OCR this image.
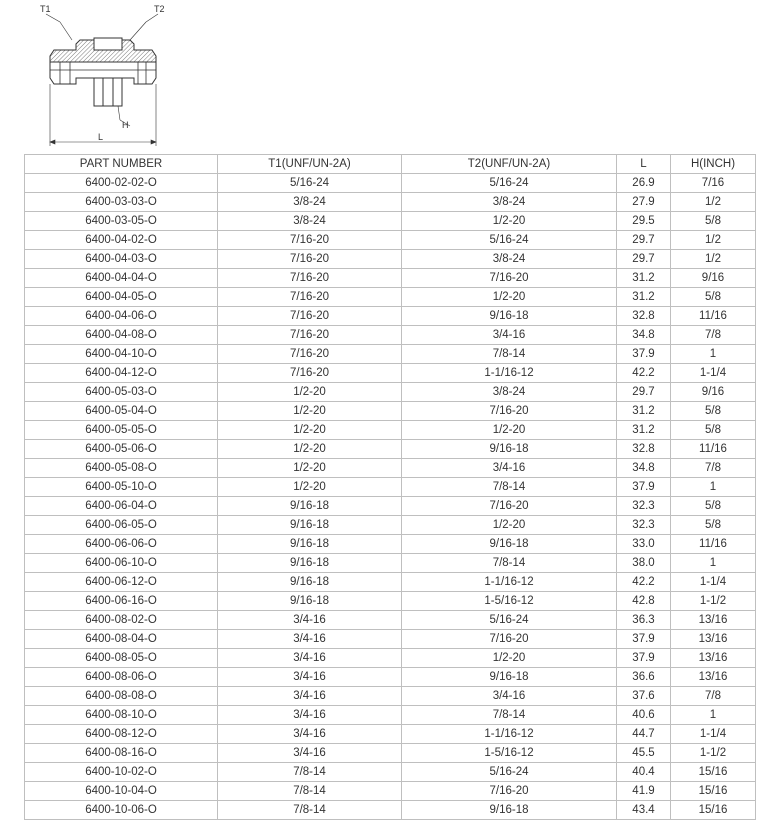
T1	T2
H
L
PART NUMBER	T1(UNF/UN-2A)	T2(UNF/UN-2A)	L	H(INCH)
6400-02-02-O	5/16-24	5/16-24	26.9	7/16
6400-03-03-O	3/8-24	3/8-24	27.9	1/2
6400-03-05-O	3/8-24	1/2-20	29.5	5/8
6400-04-02-O	7/16-20	5/16-24	29.7	1/2
6400-04-03-O	7/16-20	3/8-24	29.7	1/2
6400-04-04-O	7/16-20	7/16-20	31.2	9/16
6400-04-05-O	7/16-20	1/2-20	31.2	5/8
6400-04-06-O	7/16-20	9/16-18	32.8	11/16
6400-04-08-O	7/16-20	3/4-16	34.8	7/8
6400-04-10-O	7/16-20	7/8-14	37.9	1
6400-04-12-O	7/16-20	1-1/16-12	42.2	1-1/4
6400-05-03-O	1/2-20	3/8-24	29.7	9/16
6400-05-04-O	1/2-20	7/16-20	31.2	5/8
6400-05-05-O	1/2-20	1/2-20	31.2	5/8
6400-05-06-O	1/2-20	9/16-18	32.8	11/16
6400-05-08-O	1/2-20	3/4-16	34.8	7/8
6400-05-10-O	1/2-20	7/8-14	37.9	1
6400-06-04-O	9/16-18	7/16-20	32.3	5/8
6400-06-05-O	9/16-18	1/2-20	32.3	5/8
6400-06-06-O	9/16-18	9/16-18	33.0	11/16
6400-06-10-O	9/16-18	7/8-14	38.0	1
6400-06-12-O	9/16-18	1-1/16-12	42.2	1-1/4
6400-06-16-O	9/16-18	1-5/16-12	42.8	1-1/2
6400-08-02-O	3/4-16	5/16-24	36.3	13/16
6400-08-04-O	3/4-16	7/16-20	37.9	13/16
6400-08-05-O	3/4-16	1/2-20	37.9	13/16
6400-08-06-O	3/4-16	9/16-18	36.6	13/16
6400-08-08-O	3/4-16	3/4-16	37.6	7/8
6400-08-10-O	3/4-16	7/8-14	40.6	1
6400-08-12-O	3/4-16	1-1/16-12	44.7	1-1/4
6400-08-16-O	3/4-16	1-5/16-12	45.5	1-1/2
6400-10-02-O	7/8-14	5/16-24	40.4	15/16
6400-10-04-O	7/8-14	7/16-20	41.9	15/16
6400-10-06-O	7/8-14	9/16-18	43.4	15/16
